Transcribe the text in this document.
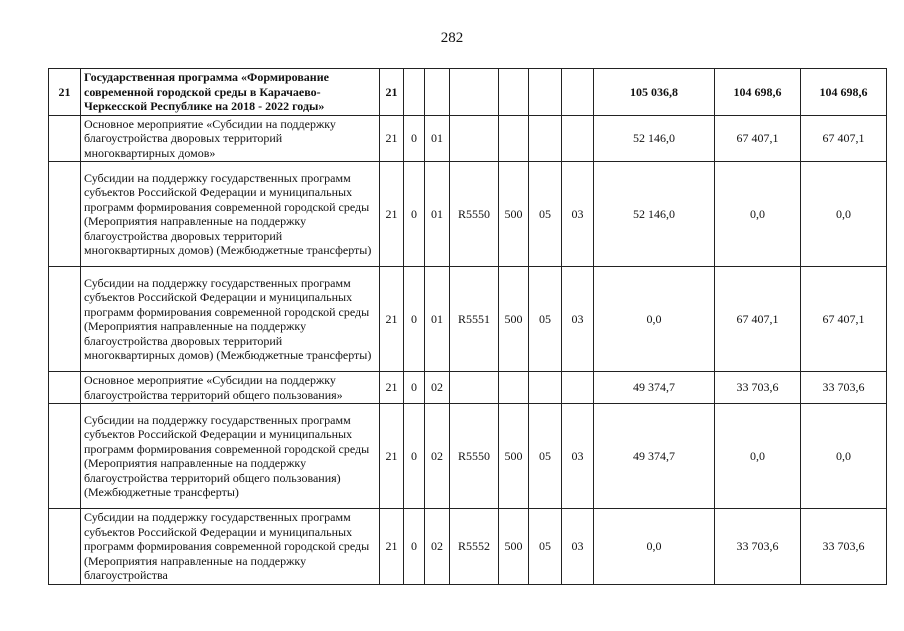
282
21	Государственная программа «Формирование современной городской среды в Карачаево-Черкесской Республике на 2018 - 2022 годы»	21							105 036,8	104 698,6	104 698,6
	Основное мероприятие «Субсидии на поддержку благоустройства дворовых территорий многоквартирных домов»	21	0	01					52 146,0	67 407,1	67 407,1
	Субсидии на поддержку государственных программ субъектов Российской Федерации и муниципальных программ формирования современной городской среды (Мероприятия направленные на поддержку благоустройства дворовых территорий многоквартирных домов) (Межбюджетные трансферты)	21	0	01	R5550	500	05	03	52 146,0	0,0	0,0
	Субсидии на поддержку государственных программ субъектов Российской Федерации и муниципальных программ формирования современной городской среды (Мероприятия направленные на поддержку благоустройства дворовых территорий многоквартирных домов) (Межбюджетные трансферты)	21	0	01	R5551	500	05	03	0,0	67 407,1	67 407,1
	Основное мероприятие «Субсидии на поддержку благоустройства территорий общего пользования»	21	0	02					49 374,7	33 703,6	33 703,6
	Субсидии на поддержку государственных программ субъектов Российской Федерации и муниципальных программ формирования современной городской среды (Мероприятия направленные на поддержку благоустройства территорий общего пользования) (Межбюджетные трансферты)	21	0	02	R5550	500	05	03	49 374,7	0,0	0,0
	Субсидии на поддержку государственных программ субъектов Российской Федерации и муниципальных программ формирования современной городской среды (Мероприятия направленные на поддержку благоустройства	21	0	02	R5552	500	05	03	0,0	33 703,6	33 703,6
